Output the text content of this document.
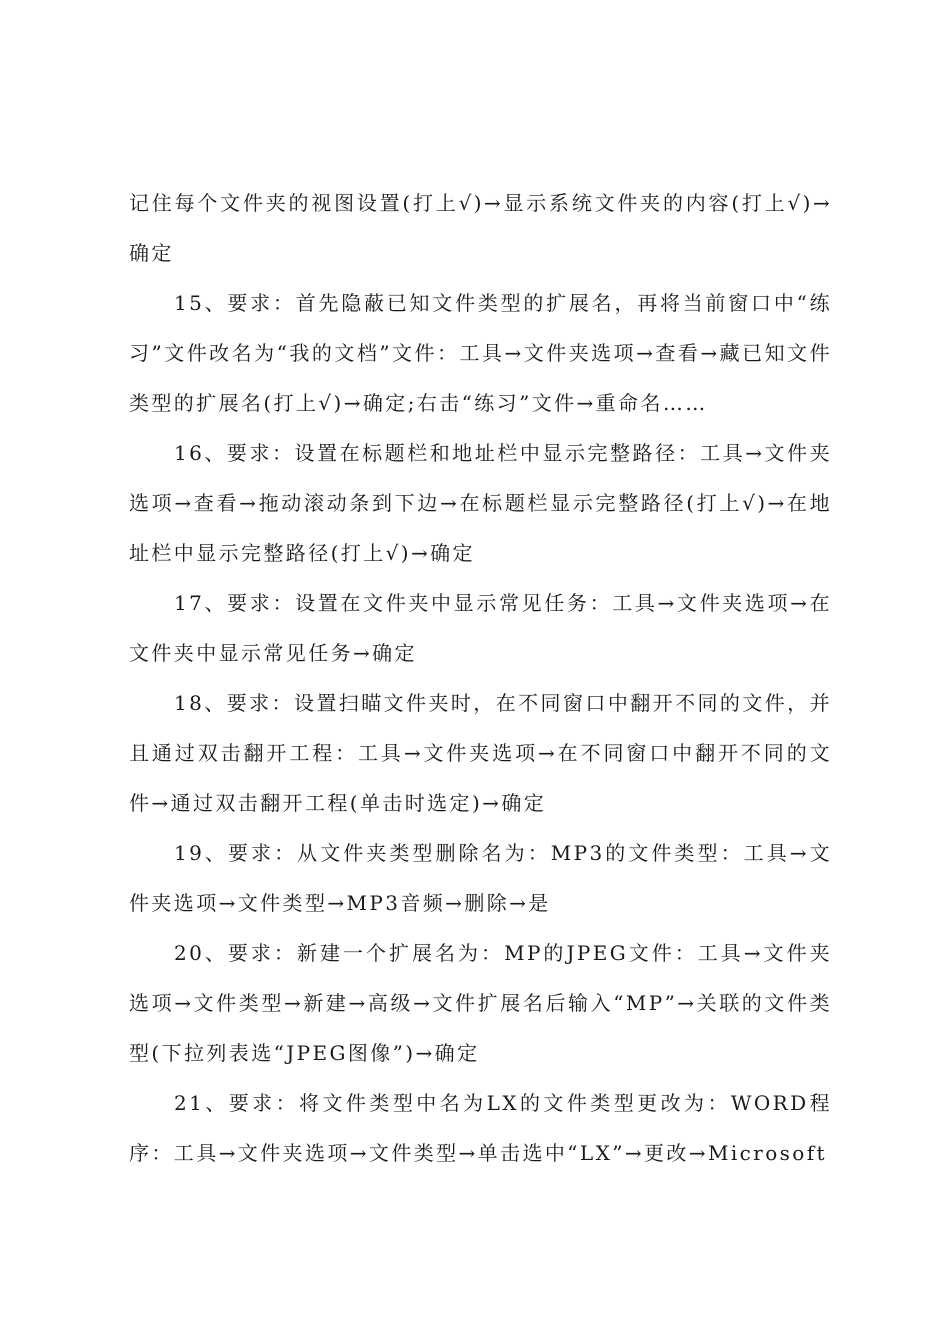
记住每个文件夹的视图设置(打上√)→显示系统文件夹的内容(打上√)→确定

15、要求：首先隐蔽已知文件类型的扩展名，再将当前窗口中“练习”文件改名为“我的文档”文件：工具→文件夹选项→查看→藏已知文件类型的扩展名(打上√)→确定;右击“练习”文件→重命名……

16、要求：设置在标题栏和地址栏中显示完整路径：工具→文件夹选项→查看→拖动滚动条到下边→在标题栏显示完整路径(打上√)→在地址栏中显示完整路径(打上√)→确定

17、要求：设置在文件夹中显示常见任务：工具→文件夹选项→在文件夹中显示常见任务→确定

18、要求：设置扫瞄文件夹时，在不同窗口中翻开不同的文件，并且通过双击翻开工程：工具→文件夹选项→在不同窗口中翻开不同的文件→通过双击翻开工程(单击时选定)→确定

19、要求：从文件夹类型删除名为：MP3的文件类型：工具→文件夹选项→文件类型→MP3音频→删除→是

20、要求：新建一个扩展名为：MP的JPEG文件：工具→文件夹选项→文件类型→新建→高级→文件扩展名后输入“MP”→关联的文件类型(下拉列表选“JPEG图像”)→确定

21、要求：将文件类型中名为LX的文件类型更改为：WORD程序：工具→文件夹选项→文件类型→单击选中“LX”→更改→Microsoft
